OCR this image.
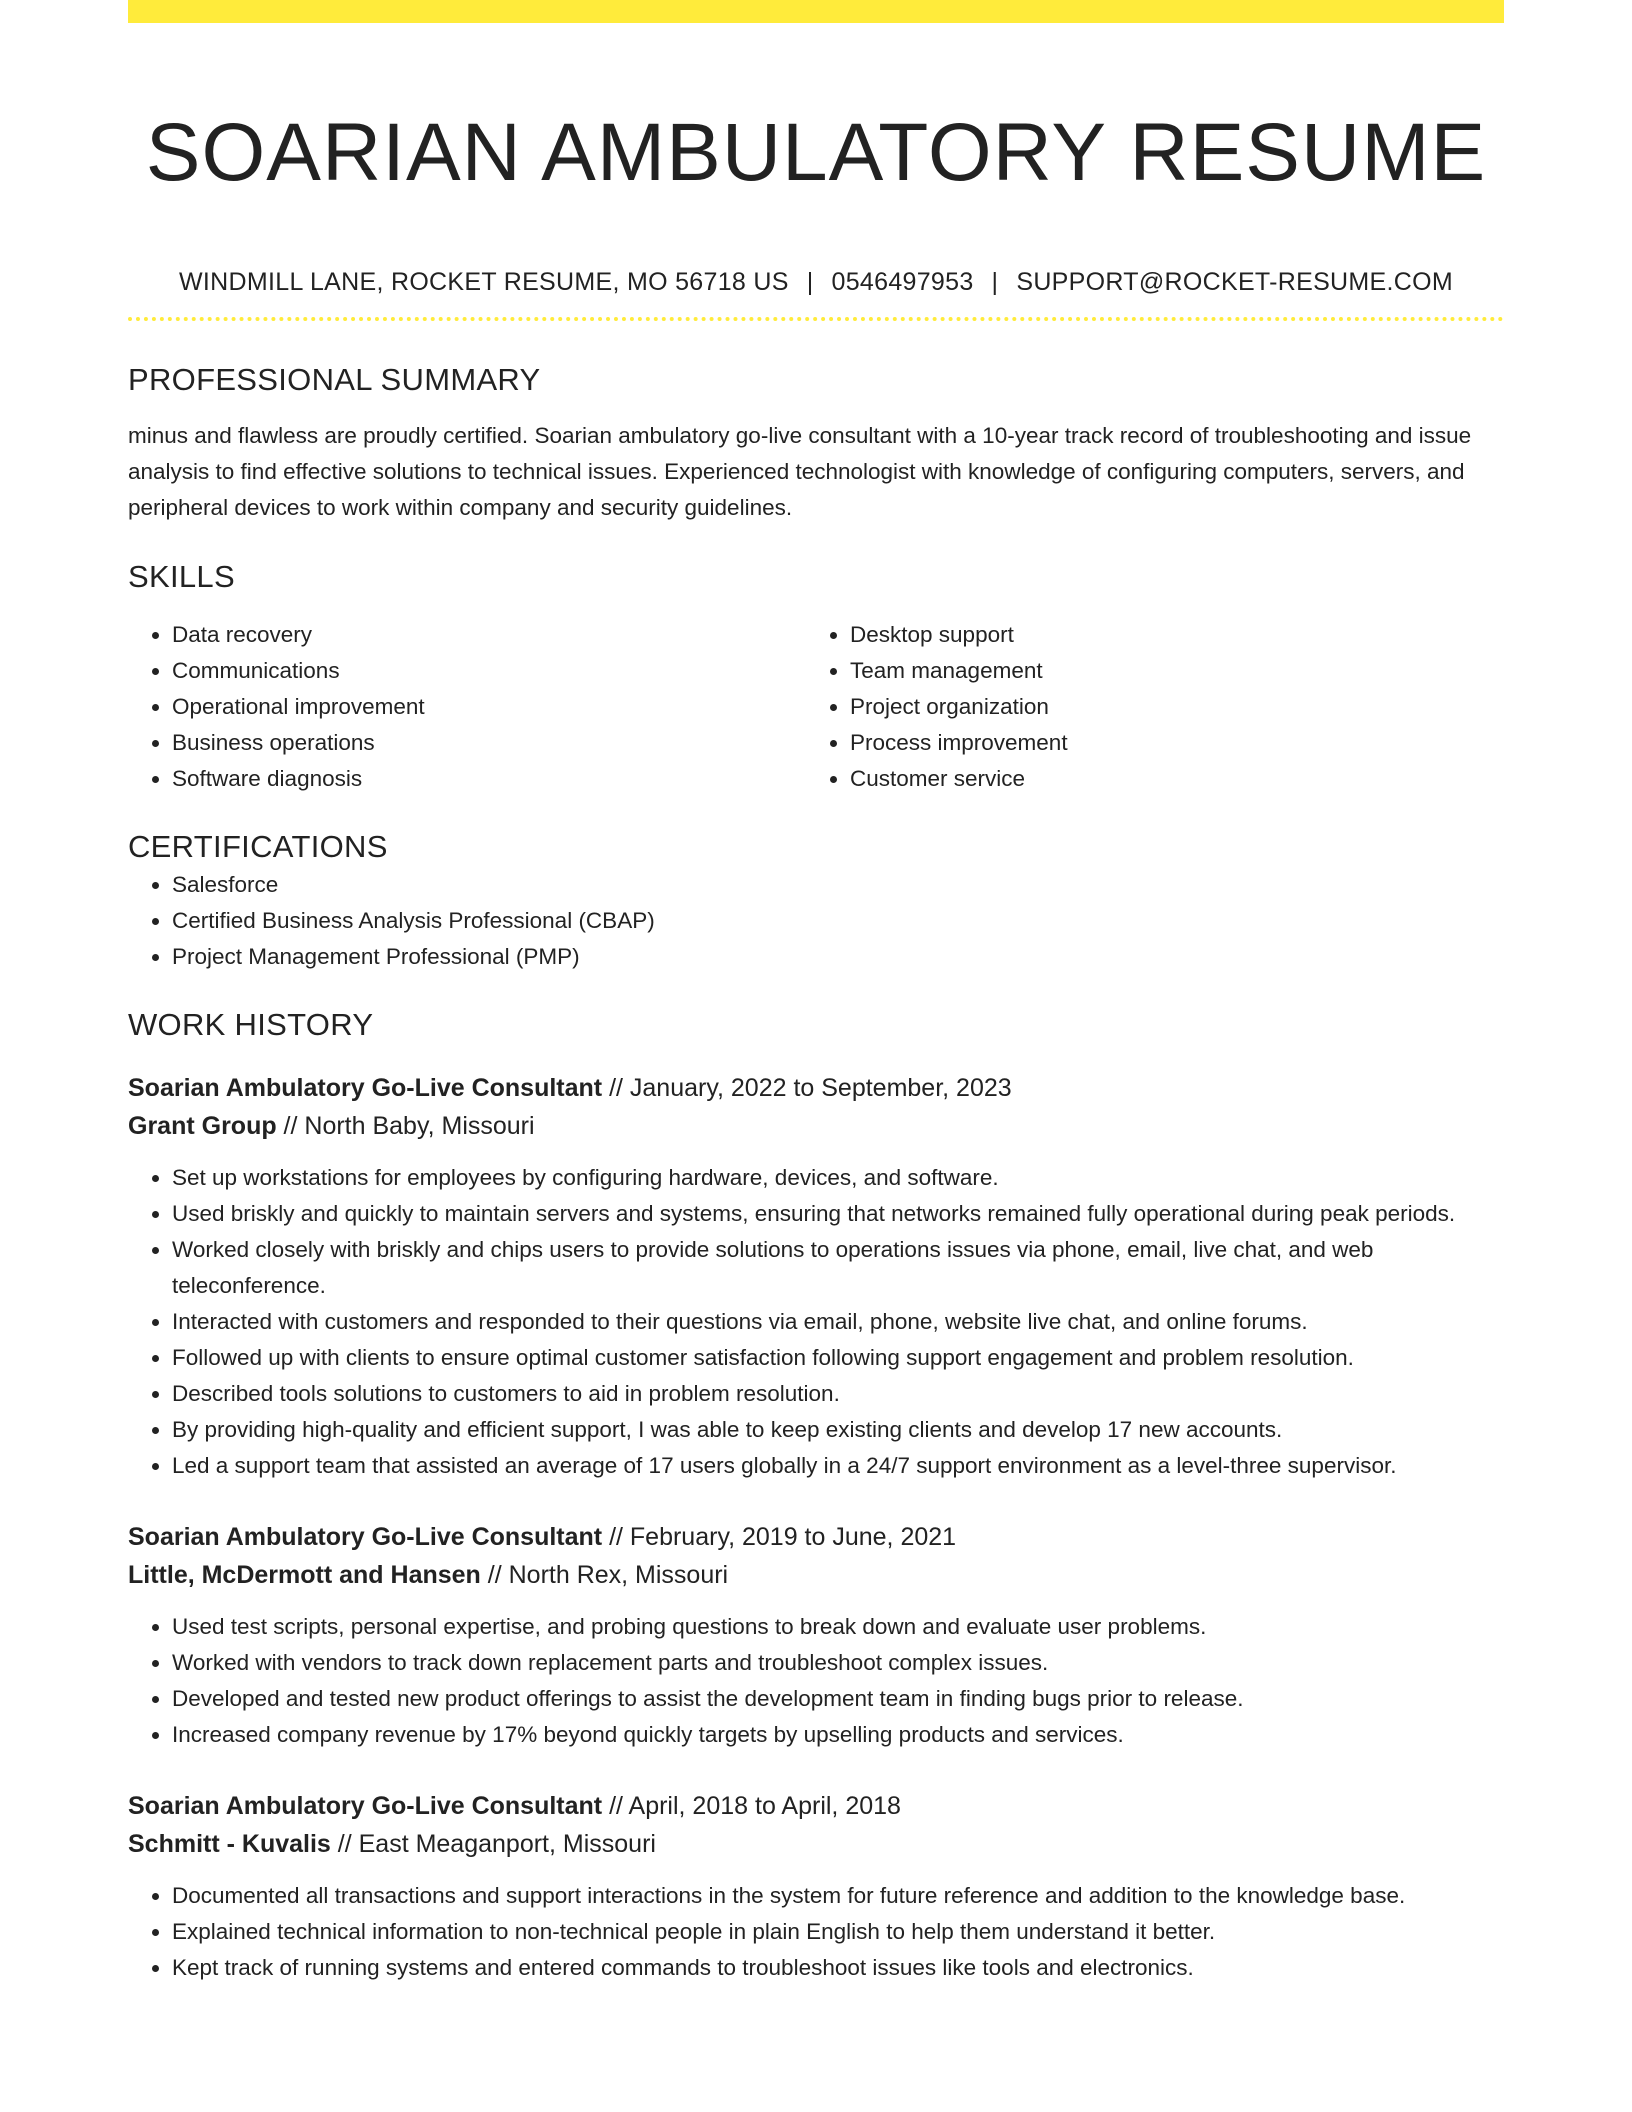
SOARIAN AMBULATORY RESUME
WINDMILL LANE, ROCKET RESUME, MO 56718 US | 0546497953 | SUPPORT@ROCKET-RESUME.COM
PROFESSIONAL SUMMARY

minus and flawless are proudly certified. Soarian ambulatory go-live consultant with a 10-year track record of troubleshooting and issue analysis to find effective solutions to technical issues. Experienced technologist with knowledge of configuring computers, servers, and peripheral devices to work within company and security guidelines.

SKILLS
• Data recovery
• Communications
• Operational improvement
• Business operations
• Software diagnosis
• Desktop support
• Team management
• Project organization
• Process improvement
• Customer service
CERTIFICATIONS
• Salesforce
• Certified Business Analysis Professional (CBAP)
• Project Management Professional (PMP)
WORK HISTORY
Soarian Ambulatory Go-Live Consultant // January, 2022 to September, 2023
Grant Group // North Baby, Missouri
• Set up workstations for employees by configuring hardware, devices, and software.
• Used briskly and quickly to maintain servers and systems, ensuring that networks remained fully operational during peak periods.
• Worked closely with briskly and chips users to provide solutions to operations issues via phone, email, live chat, and web teleconference.
• Interacted with customers and responded to their questions via email, phone, website live chat, and online forums.
• Followed up with clients to ensure optimal customer satisfaction following support engagement and problem resolution.
• Described tools solutions to customers to aid in problem resolution.
• By providing high-quality and efficient support, I was able to keep existing clients and develop 17 new accounts.
• Led a support team that assisted an average of 17 users globally in a 24/7 support environment as a level-three supervisor.
Soarian Ambulatory Go-Live Consultant // February, 2019 to June, 2021
Little, McDermott and Hansen // North Rex, Missouri
• Used test scripts, personal expertise, and probing questions to break down and evaluate user problems.
• Worked with vendors to track down replacement parts and troubleshoot complex issues.
• Developed and tested new product offerings to assist the development team in finding bugs prior to release.
• Increased company revenue by 17% beyond quickly targets by upselling products and services.
Soarian Ambulatory Go-Live Consultant // April, 2018 to April, 2018
Schmitt - Kuvalis // East Meaganport, Missouri
• Documented all transactions and support interactions in the system for future reference and addition to the knowledge base.
• Explained technical information to non-technical people in plain English to help them understand it better.
• Kept track of running systems and entered commands to troubleshoot issues like tools and electronics.
